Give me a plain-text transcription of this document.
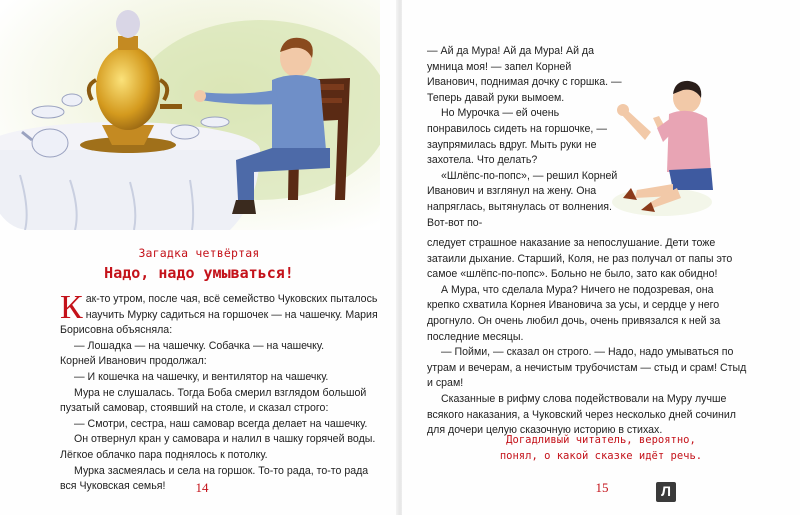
Загадка четвёртая
Надо, надо умываться!

Как-то утром, после чая, всё семейство Чуковских пыталось научить Мурку садиться на горшочек — на чашечку. Мария Борисовна объясняла:

— Лошадка — на чашечку. Собачка — на чашечку.

Корней Иванович продолжал:

— И кошечка на чашечку, и вентилятор на чашечку.

Мура не слушалась. Тогда Боба смерил взглядом большой пузатый самовар, стоявший на столе, и сказал строго:

— Смотри, сестра, наш самовар всегда делает на чашечку.

Он отвернул кран у самовара и налил в чашку горячей воды. Лёгкое облачко пара поднялось к потолку.

Мурка засмеялась и села на горшок. То-то рада, то-то рада вся Чуковская семья!	14

— Ай да Мура! Ай да Мура! Ай да умница моя! — запел Корней Иванович, поднимая дочку с горшка. — Теперь давай руки вымоем.

Но Мурочка — ей очень понравилось сидеть на горшочке, — заупрямилась вдруг. Мыть руки не захотела. Что делать?

«Шлёпс-по-попс», — решил Корней Иванович и взглянул на жену. Она напряглась, вытянулась от волнения. Вот-вот по-

следует страшное наказание за непослушание. Дети тоже затаили дыхание. Старший, Коля, не раз получал от папы это самое «шлёпс-по-попс». Больно не было, зато как обидно!

А Мура, что сделала Мура? Ничего не подозревая, она крепко схватила Корнея Ивановича за усы, и сердце у него дрогнуло. Он очень любил дочь, очень привязался к ней за последние месяцы.

— Пойми, — сказал он строго. — Надо, надо умываться по утрам и вечерам, а нечистым трубочистам — стыд и срам! Стыд и срам!

Сказанные в рифму слова подействовали на Муру лучше всякого наказания, а Чуковский через несколько дней сочинил для дочери целую сказочную историю в стихах.

Догадливый читатель, вероятно,
понял, о какой сказке идёт речь.
15	Л
